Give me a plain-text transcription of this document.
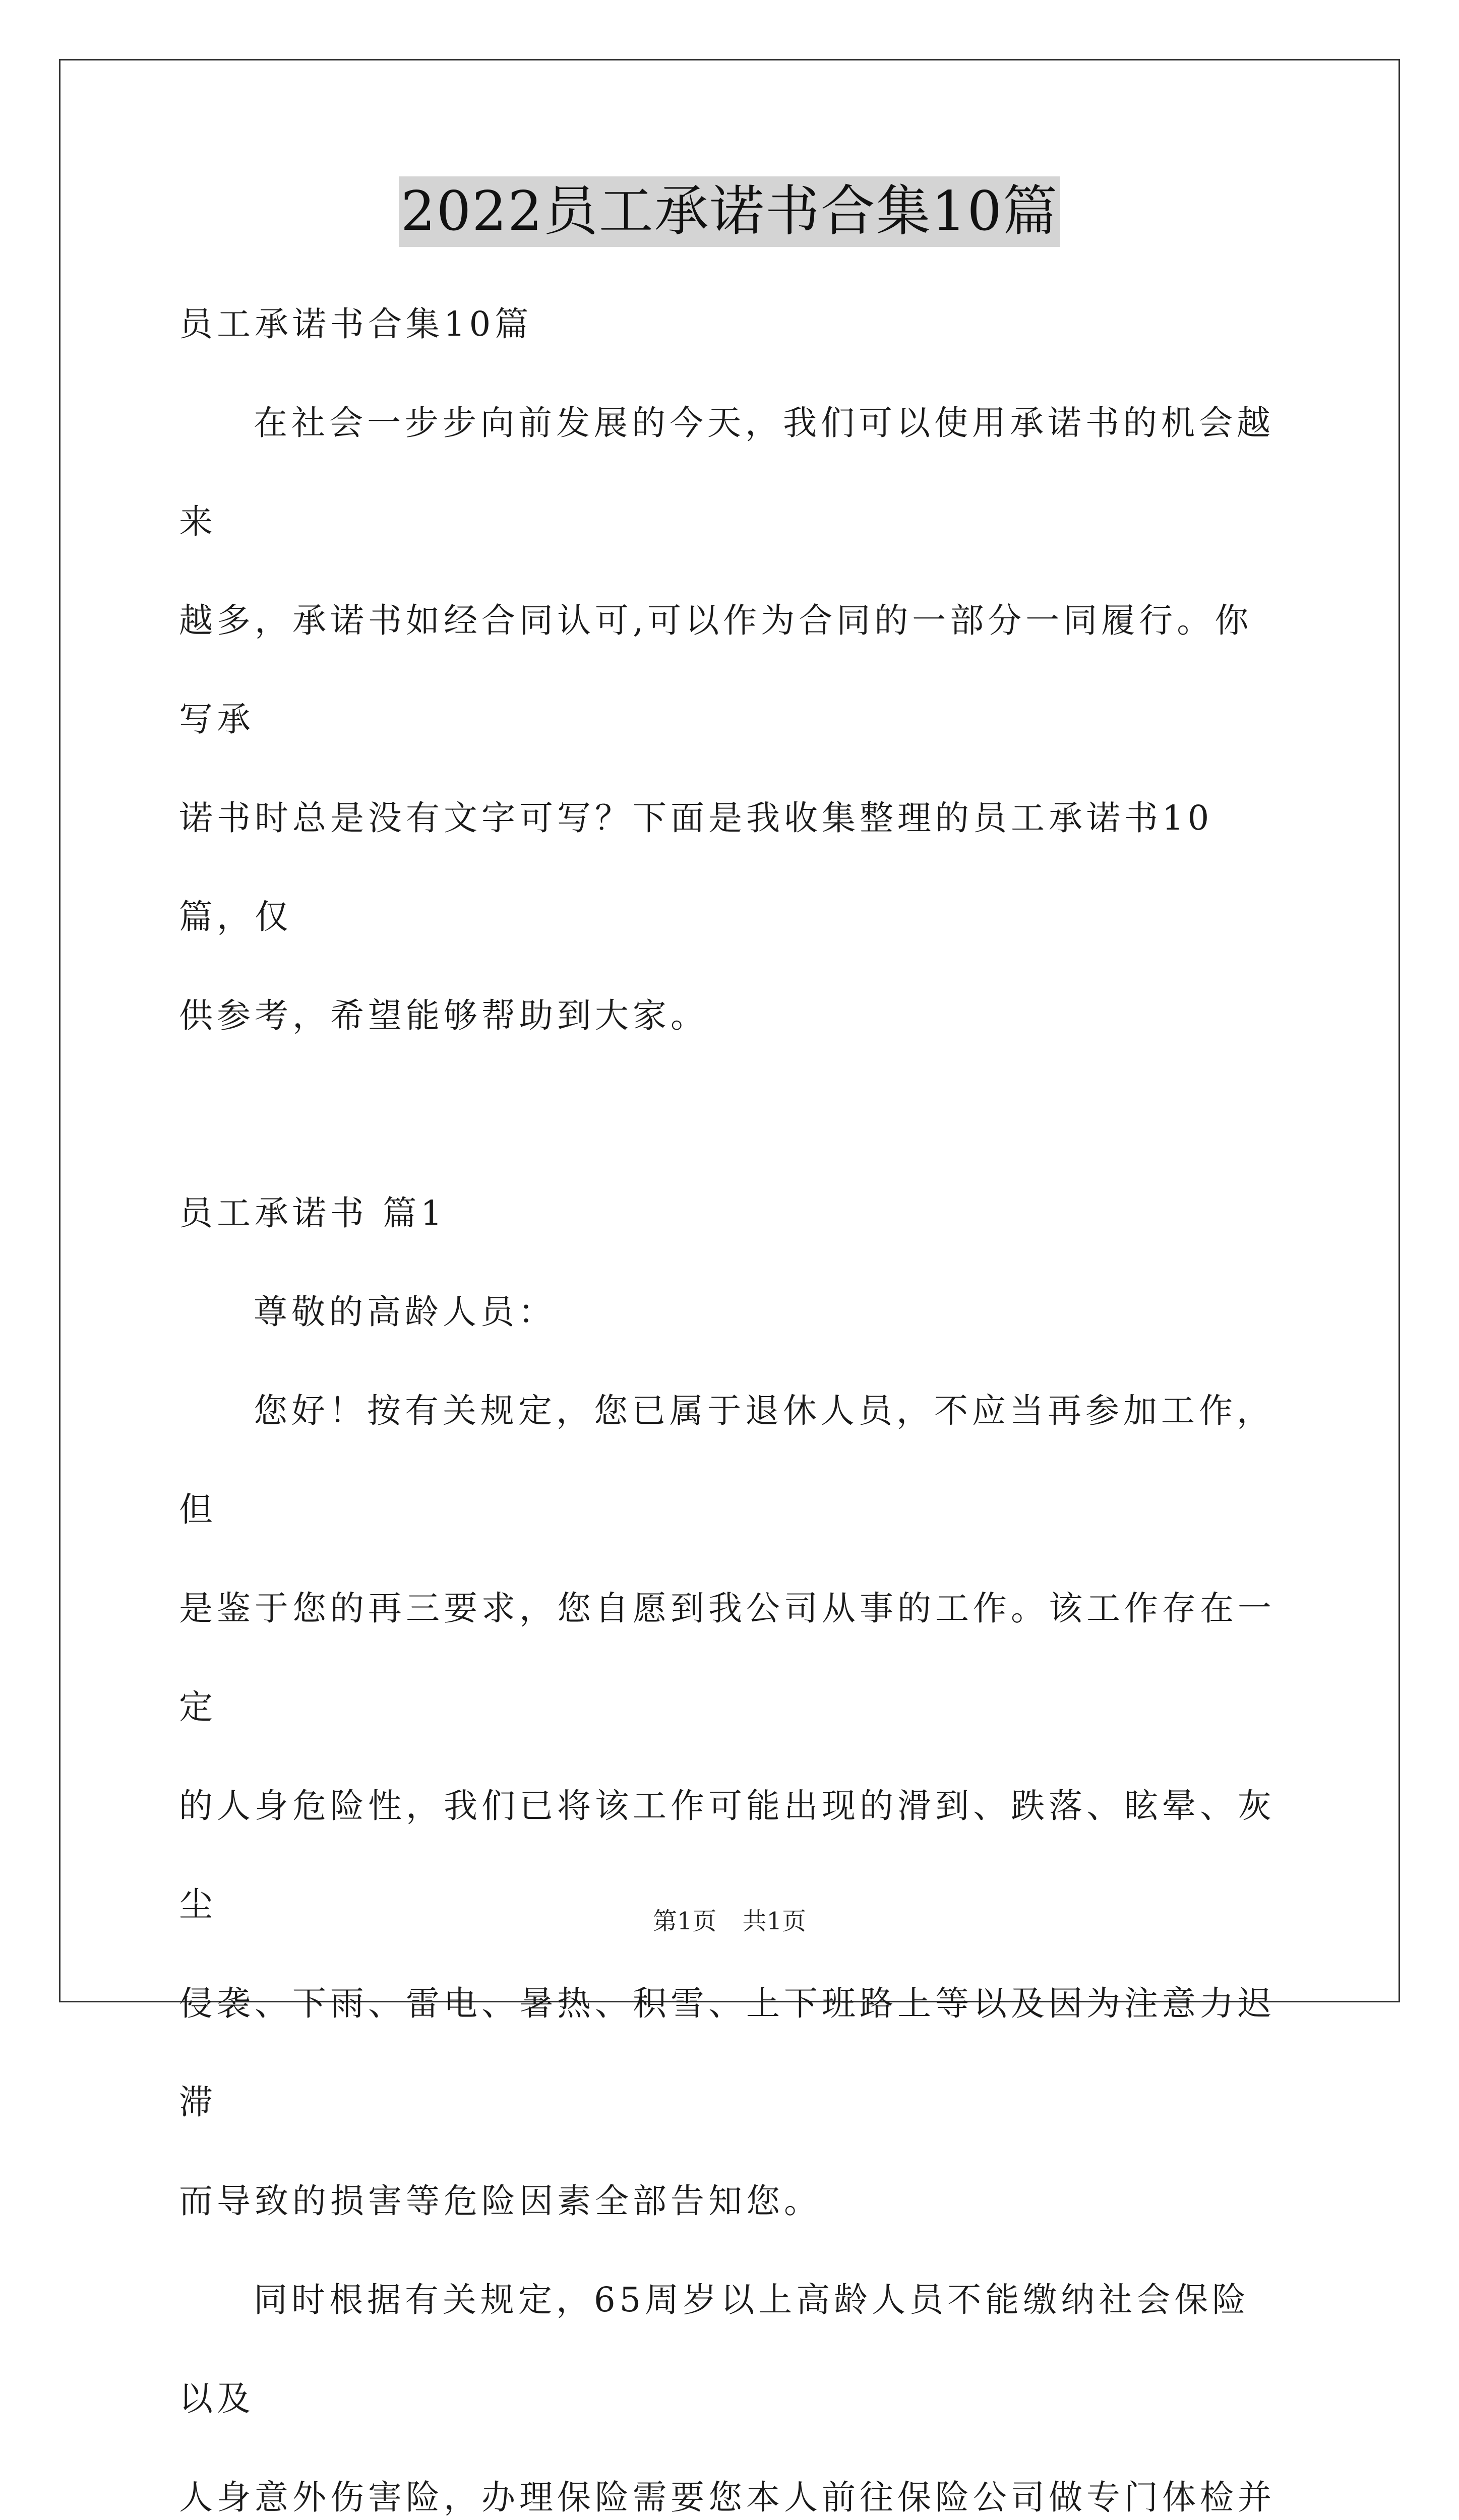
2022员工承诺书合集10篇

员工承诺书合集10篇

在社会一步步向前发展的今天，我们可以使用承诺书的机会越来

越多，承诺书如经合同认可,可以作为合同的一部分一同履行。你写承

诺书时总是没有文字可写？下面是我收集整理的员工承诺书10篇，仅

供参考，希望能够帮助到大家。

员工承诺书 篇1

尊敬的高龄人员：

您好！按有关规定，您已属于退休人员，不应当再参加工作，但

是鉴于您的再三要求，您自愿到我公司从事的工作。该工作存在一定

的人身危险性，我们已将该工作可能出现的滑到、跌落、眩晕、灰尘

侵袭、下雨、雷电、暑热、积雪、上下班路上等以及因为注意力迟滞

而导致的损害等危险因素全部告知您。

同时根据有关规定，65周岁以上高龄人员不能缴纳社会保险以及

人身意外伤害险，办理保险需要您本人前往保险公司做专门体检并

第1页 共1页
